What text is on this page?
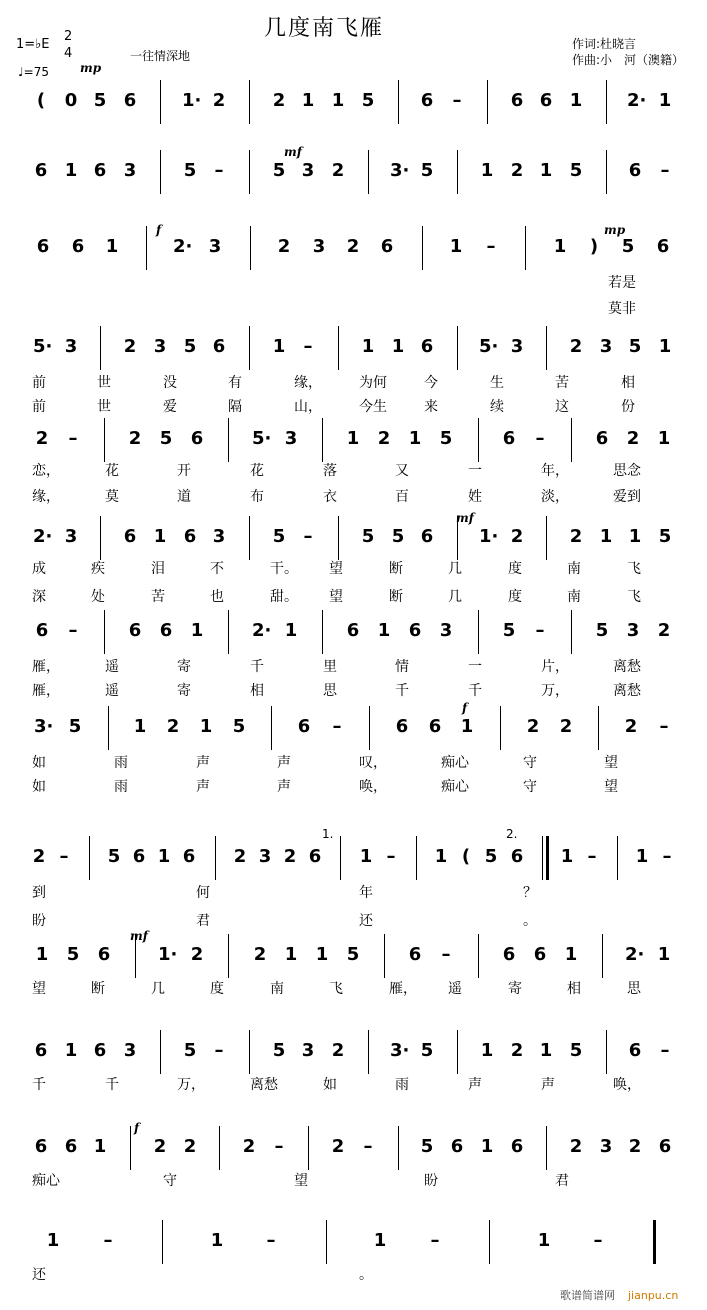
1=♭E
2
4
♩=75	mp
几度南飞雁
一往情深地
作词:杜晓言
作曲:小　河（澳籍）
( 0 5 6	1· 2	2 1 1 5	6 –	6 6 1 2· 1
6 1 6 3	5 –	5 3 2	3· 5	1 2 1 5	6 –
mf
6 6 1	2· 3	2 3 2 6	1 –	1 ) 5 6
f	mp
若是
莫非
5· 3	2 3 5 6	1 –	1 1 6	5· 3	2 3 5 1
前	世	没	有	缘，	为何	今	生	苦	相
前	世	爱	隔	山，	今生	来	续	这	份
2 –	2 5 6	5· 3	1 2 1 5	6 –	6 2 1
恋，	花	开	花	落	又	一	年，	思念
缘，	莫	道	布	衣	百	姓	淡，	爱到
2· 3	6 1 6 3	5 –	5 5 6	1· 2	2 1 1 5
mf
成	疾	泪	不	干。 望	断	几	度	南	飞
深	处	苦	也	甜。 望	断	几	度	南	飞
6 –	6 6 1	2· 1	6 1 6 3	5 –	5 3 2
雁，	遥	寄	千	里	情	一	片，	离愁
雁，	遥	寄	相	思	千	千	万，	离愁
3· 5	1 2 1 5	6 –	6 6 1	2 2	2 –
f
如	雨	声	声	叹，	痴心	守	望
如	雨	声	声	唤，	痴心	守	望
2 – 5 6 1 6 2 3 2 6 1 – 1 ( 5 6 1 – 1 –
1.	2.
到	何	年	？
盼	君	还	。
1 5 6	1· 2	2 1 1 5	6 –	6 6 1	2· 1
mf
望	断	几	度	南	飞	雁， 遥	寄	相	思
6 1 6 3	5 –	5 3 2	3· 5	1 2 1 5	6 –
千	千	万，	离愁	如	雨	声	声	唤，
6 6 1	2 2	2 –	2 –	5 6 1 6	2 3 2 6
f
痴心	守	望	盼	君
1 –	1 –	1 –	1 –
还	。
歌谱简谱网 jianpu.cn
